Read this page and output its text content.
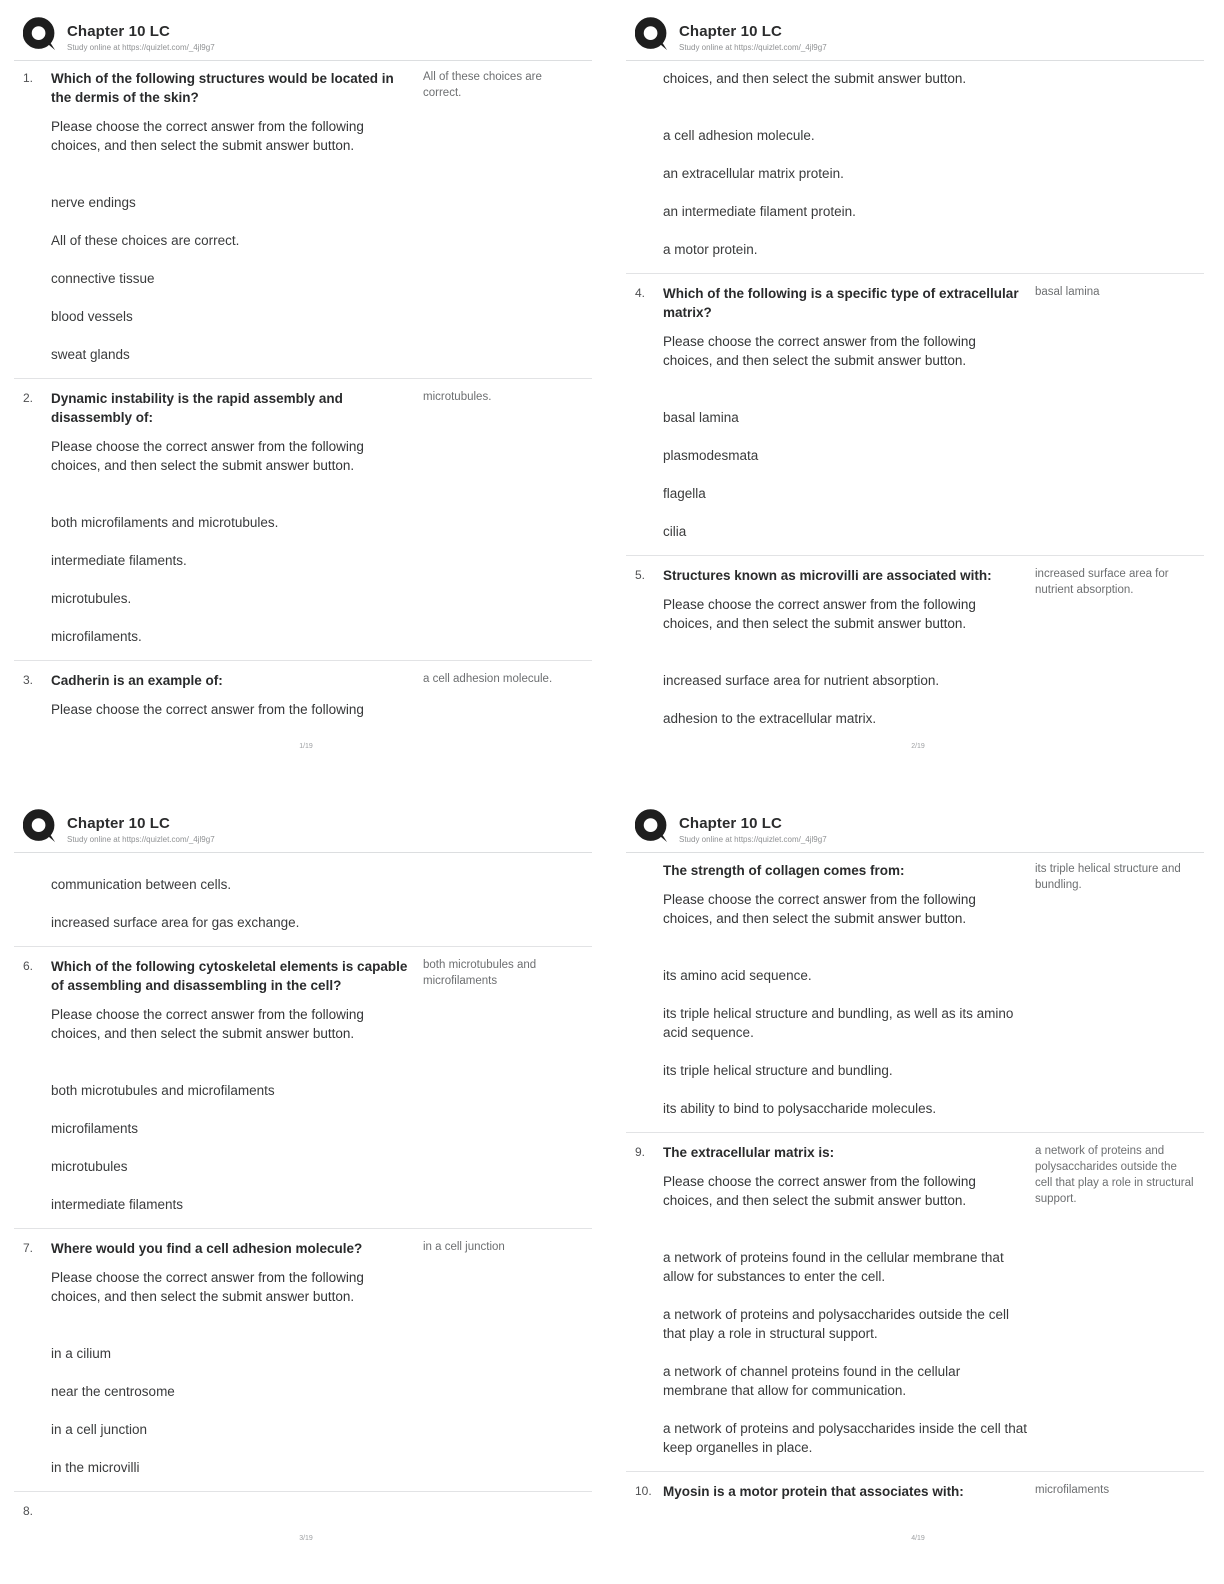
Chapter 10 LC
Study online at https://quizlet.com/_4jl9g7
1.	Which of the following structures would be located in the dermis of the skin?
Please choose the correct answer from the following choices, and then select the submit answer button.
nerve endings
All of these choices are correct.
connective tissue
blood vessels
sweat glands
All of these choices are correct.
2.	Dynamic instability is the rapid assembly and disassembly of:
Please choose the correct answer from the following choices, and then select the submit answer button.
both microfilaments and microtubules.
intermediate filaments.
microtubules.
microfilaments.
microtubules.
3.	Cadherin is an example of:
Please choose the correct answer from the following
a cell adhesion molecule.
1/19
Chapter 10 LC
Study online at https://quizlet.com/_4jl9g7
choices, and then select the submit answer button.
a cell adhesion molecule.
an extracellular matrix protein.
an intermediate filament protein.
a motor protein.
4.	Which of the following is a specific type of extracellular matrix?
Please choose the correct answer from the following choices, and then select the submit answer button.
basal lamina
plasmodesmata
flagella
cilia
basal lamina
5.	Structures known as microvilli are associated with:
Please choose the correct answer from the following choices, and then select the submit answer button.
increased surface area for nutrient absorption.
adhesion to the extracellular matrix.
increased surface area for nutrient absorption.
2/19
Chapter 10 LC
Study online at https://quizlet.com/_4jl9g7
communication between cells.
increased surface area for gas exchange.
6.	Which of the following cytoskeletal elements is capable of assembling and disassembling in the cell?
Please choose the correct answer from the following choices, and then select the submit answer button.
both microtubules and microfilaments
microfilaments
microtubules
intermediate filaments
both microtubules and microfilaments
7.	Where would you find a cell adhesion molecule?
Please choose the correct answer from the following choices, and then select the submit answer button.
in a cilium
near the centrosome
in a cell junction
in the microvilli
in a cell junction
8.
3/19
Chapter 10 LC
Study online at https://quizlet.com/_4jl9g7
The strength of collagen comes from:
Please choose the correct answer from the following choices, and then select the submit answer button.
its amino acid sequence.
its triple helical structure and bundling, as well as its amino acid sequence.
its triple helical structure and bundling.
its ability to bind to polysaccharide molecules.
its triple helical structure and bundling.
9.	The extracellular matrix is:
Please choose the correct answer from the following choices, and then select the submit answer button.
a network of proteins found in the cellular membrane that allow for substances to enter the cell.
a network of proteins and polysaccharides outside the cell that play a role in structural support.
a network of channel proteins found in the cellular membrane that allow for communication.
a network of proteins and polysaccharides inside the cell that keep organelles in place.
a network of proteins and polysaccharides outside the cell that play a role in structural support.
10. Myosin is a motor protein that associates with:	microfilaments
4/19
